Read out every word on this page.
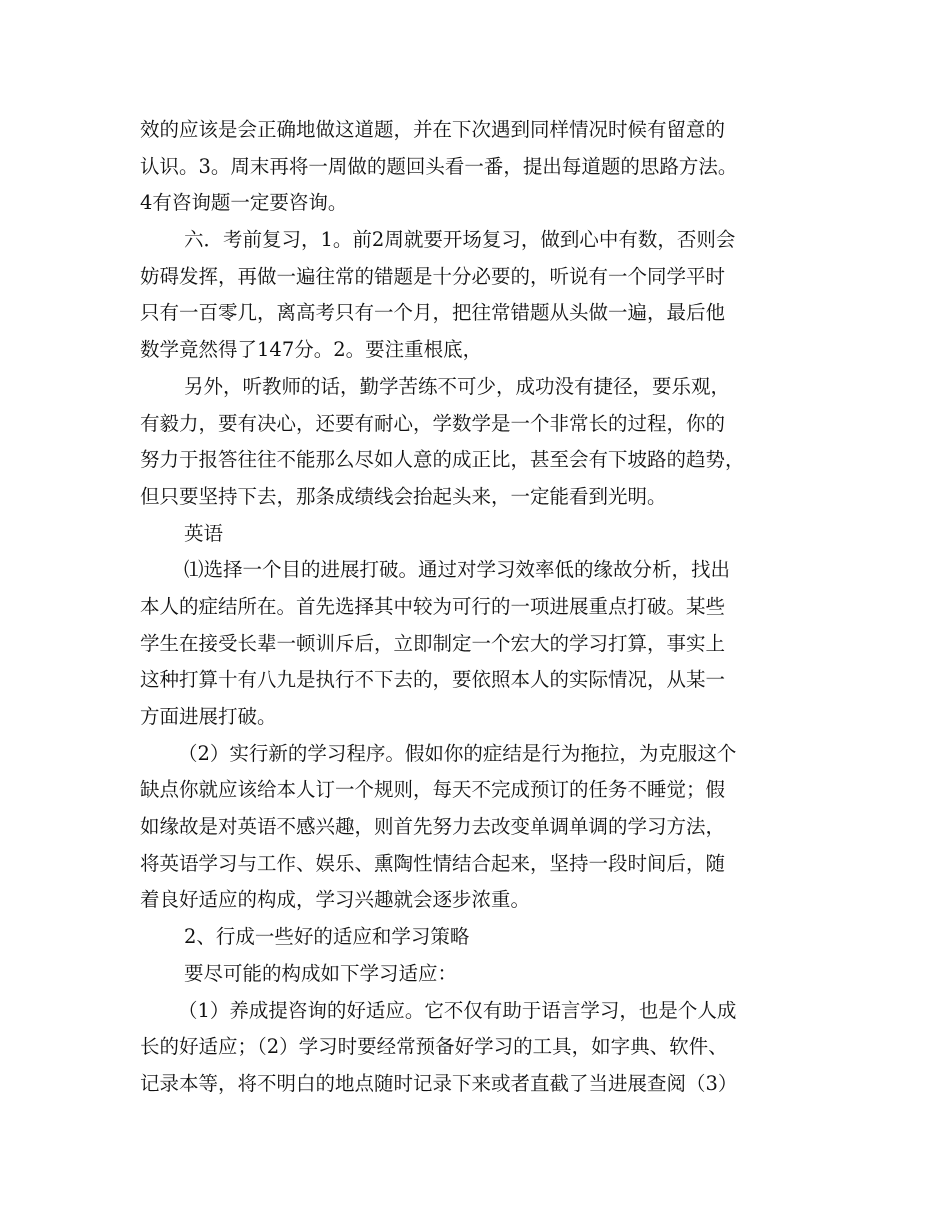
效的应该是会正确地做这道题，并在下次遇到同样情况时候有留意的
认识。3。周末再将一周做的题回头看一番，提出每道题的思路方法。
4有咨询题一定要咨询。
六．考前复习，1。前2周就要开场复习，做到心中有数，否则会
妨碍发挥，再做一遍往常的错题是十分必要的，听说有一个同学平时
只有一百零几，离高考只有一个月，把往常错题从头做一遍，最后他
数学竟然得了147分。2。要注重根底，
另外，听教师的话，勤学苦练不可少，成功没有捷径，要乐观，
有毅力，要有决心，还要有耐心，学数学是一个非常长的过程，你的
努力于报答往往不能那么尽如人意的成正比，甚至会有下坡路的趋势，
但只要坚持下去，那条成绩线会抬起头来，一定能看到光明。
英语
⑴选择一个目的进展打破。通过对学习效率低的缘故分析，找出
本人的症结所在。首先选择其中较为可行的一项进展重点打破。某些
学生在接受长辈一顿训斥后，立即制定一个宏大的学习打算，事实上
这种打算十有八九是执行不下去的，要依照本人的实际情况，从某一
方面进展打破。
（2）实行新的学习程序。假如你的症结是行为拖拉，为克服这个
缺点你就应该给本人订一个规则，每天不完成预订的任务不睡觉；假
如缘故是对英语不感兴趣，则首先努力去改变单调单调的学习方法，
将英语学习与工作、娱乐、熏陶性情结合起来，坚持一段时间后，随
着良好适应的构成，学习兴趣就会逐步浓重。
2、行成一些好的适应和学习策略
要尽可能的构成如下学习适应：
（1）养成提咨询的好适应。它不仅有助于语言学习，也是个人成
长的好适应；（2）学习时要经常预备好学习的工具，如字典、软件、
记录本等，将不明白的地点随时记录下来或者直截了当进展查阅（3）
